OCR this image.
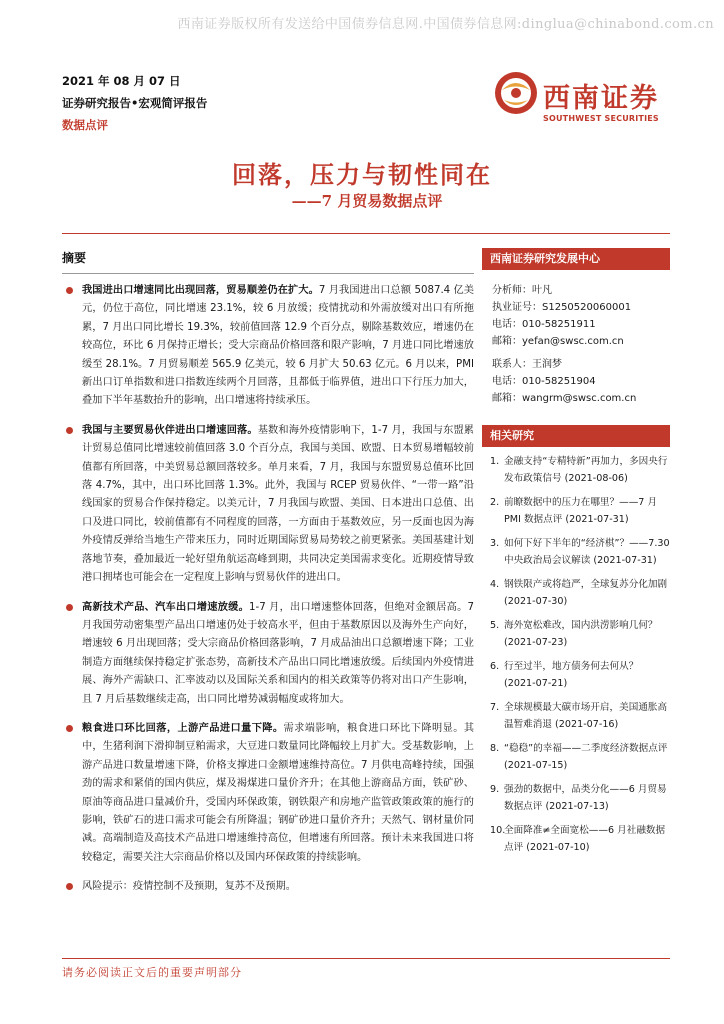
西南证券版权所有发送给中国债券信息网.中国债券信息网:dinglua@chinabond.com.cn
2021 年 08 月 07 日
证券研究报告•宏观简评报告
数据点评
西南证券
SOUTHWEST SECURITIES
回落，压力与韧性同在
——7 月贸易数据点评
摘要
我国进出口增速同比出现回落，贸易顺差仍在扩大。7 月我国进出口总额 5087.4 亿美元，仍位于高位，同比增速 23.1%，较 6 月放缓；疫情扰动和外需放缓对出口有所拖累，7 月出口同比增长 19.3%，较前值回落 12.9 个百分点，剔除基数效应，增速仍在较高位，环比 6 月保持正增长；受大宗商品价格回落和限产影响，7 月进口同比增速放缓至 28.1%。7 月贸易顺差 565.9 亿美元，较 6 月扩大 50.63 亿元。6 月以来，PMI 新出口订单指数和进口指数连续两个月回落，且都低于临界值，进出口下行压力加大，叠加下半年基数抬升的影响，出口增速将持续承压。
我国与主要贸易伙伴进出口增速回落。基数和海外疫情影响下，1-7 月，我国与东盟累计贸易总值同比增速较前值回落 3.0 个百分点，我国与美国、欧盟、日本贸易增幅较前值都有所回落，中美贸易总额回落较多。单月来看，7 月，我国与东盟贸易总值环比回落 4.7%，其中，出口环比回落 1.3%。此外，我国与 RCEP 贸易伙伴、“一带一路”沿线国家的贸易合作保持稳定。以美元计，7 月我国与欧盟、美国、日本进出口总值、出口及进口同比，较前值都有不同程度的回落，一方面由于基数效应，另一反面也因为海外疫情反弹给当地生产带来压力，同时近期国际贸易局势较之前更紧张。美国基建计划落地节奏，叠加最近一轮好望角航运高峰到期，共同决定美国需求变化。近期疫情导致港口拥堵也可能会在一定程度上影响与贸易伙伴的进出口。
高新技术产品、汽车出口增速放缓。1-7 月，出口增速整体回落，但绝对金额居高。7 月我国劳动密集型产品出口增速仍处于较高水平，但由于基数原因以及海外生产向好，增速较 6 月出现回落；受大宗商品价格回落影响，7 月成品油出口总额增速下降；工业制造方面继续保持稳定扩张态势，高新技术产品出口同比增速放缓。后续国内外疫情进展、海外产需缺口、汇率波动以及国际关系和国内的相关政策等仍将对出口产生影响，且 7 月后基数继续走高，出口同比增势减弱幅度或将加大。
粮食进口环比回落，上游产品进口量下降。需求端影响，粮食进口环比下降明显。其中，生猪利润下滑抑制豆粕需求，大豆进口数量同比降幅较上月扩大。受基数影响，上游产品进口数量增速下降，价格支撑进口金额增速维持高位。7 月供电高峰持续，国强劲的需求和紧俏的国内供应，煤及褐煤进口量价齐升；在其他上游商品方面，铁矿砂、原油等商品进口量减价升，受国内环保政策，钢铁限产和房地产监管政策政策的施行的影响，铁矿石的进口需求可能会有所降温；钢矿砂进口量价齐升；天然气、钢材量价同减。高端制造及高技术产品进口增速维持高位，但增速有所回落。预计未来我国进口将较稳定，需要关注大宗商品价格以及国内环保政策的持续影响。
风险提示：疫情控制不及预期，复苏不及预期。
西南证券研究发展中心
分析师：叶凡
执业证号：S1250520060001
电话：010-58251911
邮箱：yefan@swsc.com.cn
联系人：王润梦
电话：010-58251904
邮箱：wangrm@swsc.com.cn
相关研究
1. 金融支持“专精特新”再加力，多因央行发布政策信号 (2021-08-06)
2. 前瞭数据中的压力在哪里？——7 月 PMI 数据点评 (2021-07-31)
3. 如何下好下半年的“经济棋”？——7.30 中央政治局会议解读 (2021-07-31)
4. 钢铁限产或将趋严，全球复苏分化加剧 (2021-07-30)
5. 海外宽松难改，国内洪涝影响几何？ (2021-07-23)
6. 行至过半，地方债务何去何从？ (2021-07-21)
7. 全球规模最大碳市场开启，美国通胀高温暂难消退 (2021-07-16)
8. “稳稳”的幸福——二季度经济数据点评 (2021-07-15)
9. 强劲的数据中，品类分化——6 月贸易数据点评 (2021-07-13)
10.
全面降准≠全面宽松——6 月社融数据点评 (2021-07-10)
请务必阅读正文后的重要声明部分
